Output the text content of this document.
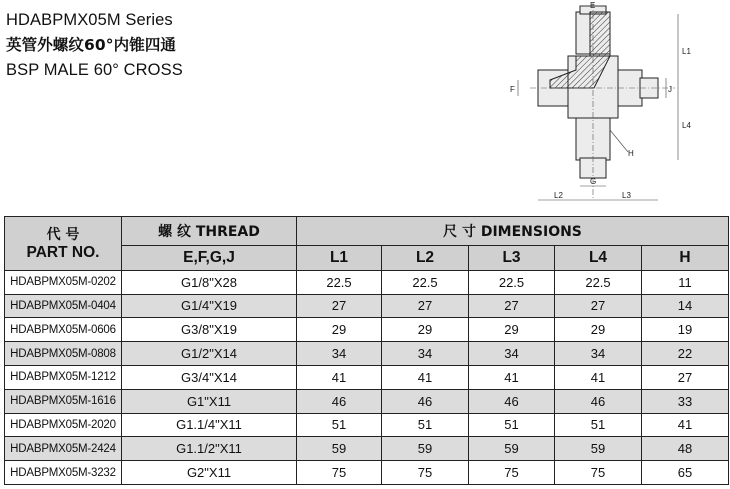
HDABPMX05M Series
英管外螺纹60°内锥四通
BSP MALE 60° CROSS
E
L1
L4
J
F
H
G
L2	L3
代 号
PART NO.	螺 纹 THREAD	尺 寸 DIMENSIONS				
	E,F,G,J	L1	L2	L3	L4	H
HDABPMX05M-0202	G1/8"X28	22.5	22.5	22.5	22.5	11
HDABPMX05M-0404	G1/4"X19	27	27	27	27	14
HDABPMX05M-0606	G3/8"X19	29	29	29	29	19
HDABPMX05M-0808	G1/2"X14	34	34	34	34	22
HDABPMX05M-1212	G3/4"X14	41	41	41	41	27
HDABPMX05M-1616	G1"X11	46	46	46	46	33
HDABPMX05M-2020	G1.1/4"X11	51	51	51	51	41
HDABPMX05M-2424	G1.1/2"X11	59	59	59	59	48
HDABPMX05M-3232	G2"X11	75	75	75	75	65
